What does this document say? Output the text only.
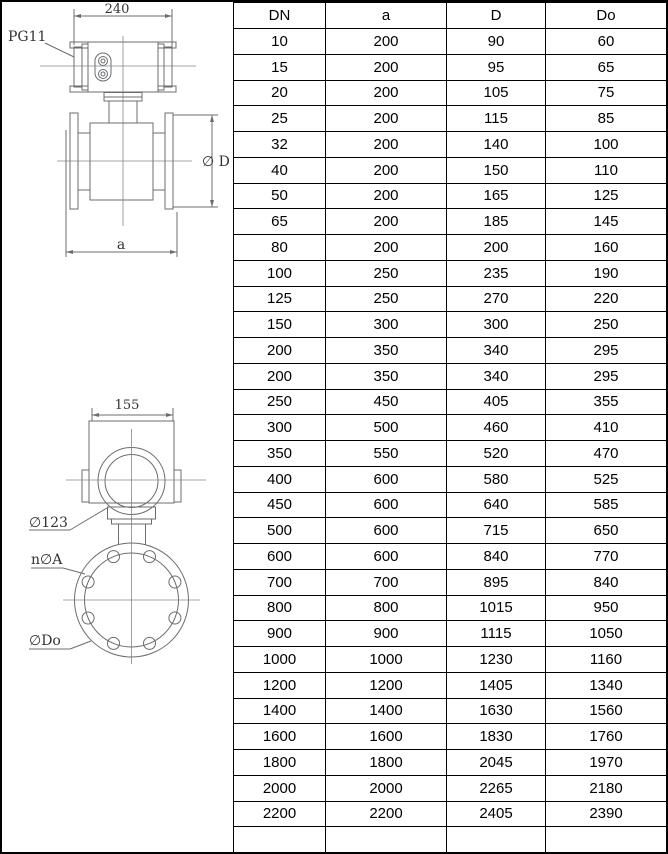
240
PG11
∅ D
a
155
∅123
n∅A
∅Do
DN	a	D	Do
10	200	90	60
15	200	95	65
20	200	105	75
25	200	115	85
32	200	140	100
40	200	150	110
50	200	165	125
65	200	185	145
80	200	200	160
100	250	235	190
125	250	270	220
150	300	300	250
200	350	340	295
200	350	340	295
250	450	405	355
300	500	460	410
350	550	520	470
400	600	580	525
450	600	640	585
500	600	715	650
600	600	840	770
700	700	895	840
800	800	1015	950
900	900	1115	1050
1000	1000	1230	1160
1200	1200	1405	1340
1400	1400	1630	1560
1600	1600	1830	1760
1800	1800	2045	1970
2000	2000	2265	2180
2200	2200	2405	2390
